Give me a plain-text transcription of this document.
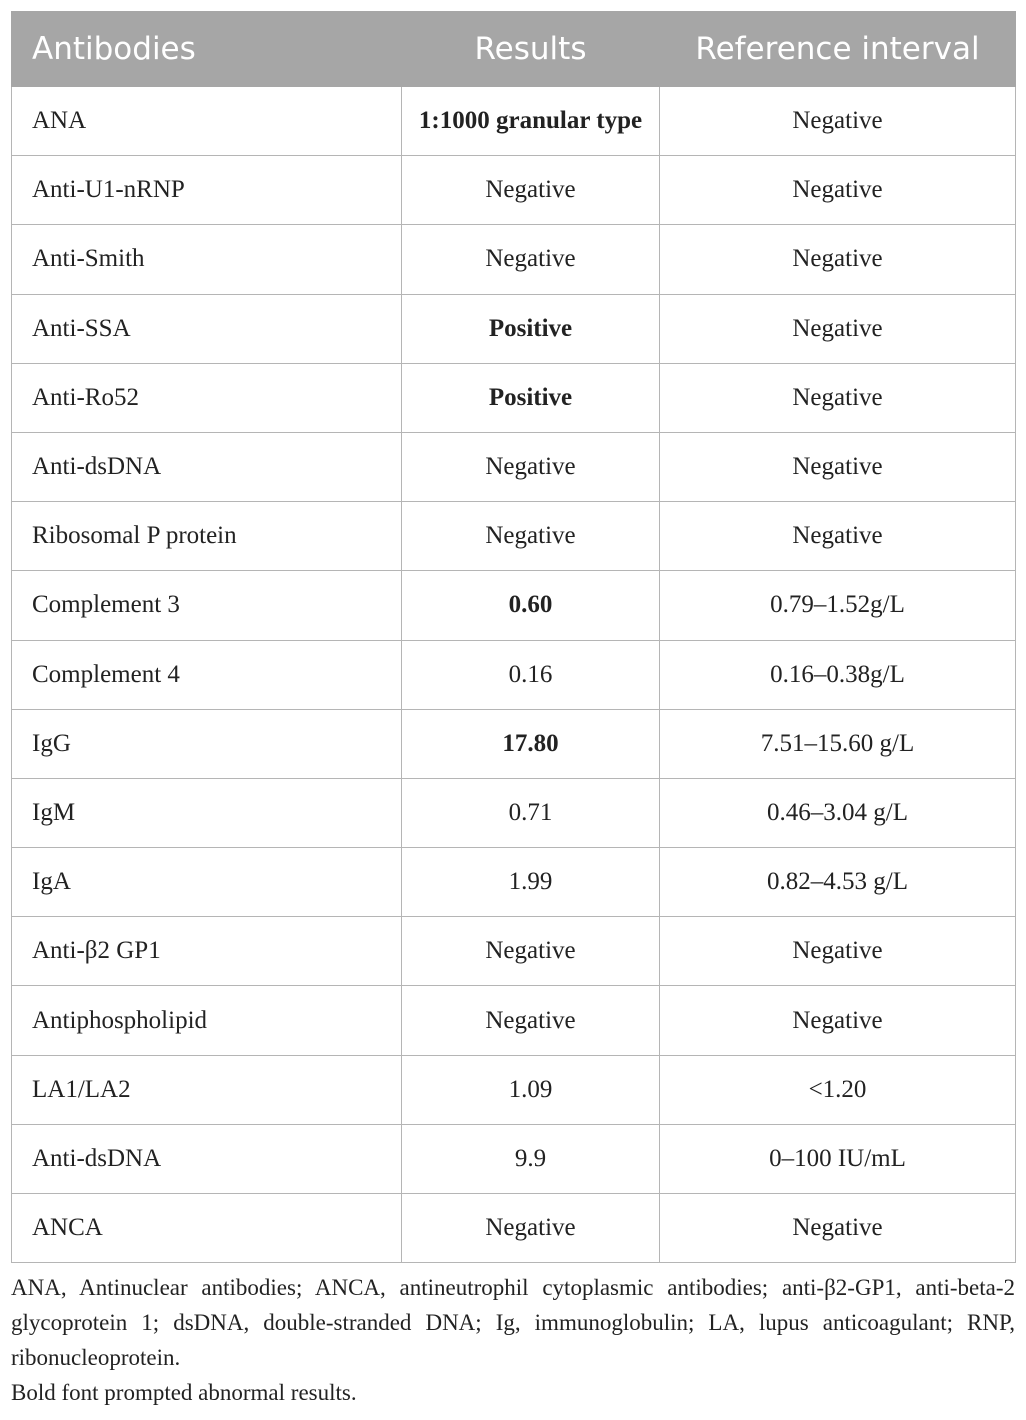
Antibodies	Results	Reference interval
ANA	1:1000 granular type	Negative
Anti-U1-nRNP	Negative	Negative
Anti-Smith	Negative	Negative
Anti-SSA	Positive	Negative
Anti-Ro52	Positive	Negative
Anti-dsDNA	Negative	Negative
Ribosomal P protein	Negative	Negative
Complement 3	0.60	0.79–1.52g/L
Complement 4	0.16	0.16–0.38g/L
IgG	17.80	7.51–15.60 g/L
IgM	0.71	0.46–3.04 g/L
IgA	1.99	0.82–4.53 g/L
Anti-β2 GP1	Negative	Negative
Antiphospholipid	Negative	Negative
LA1/LA2	1.09	<1.20
Anti-dsDNA	9.9	0–100 IU/mL
ANCA	Negative	Negative

ANA, Antinuclear antibodies; ANCA, antineutrophil cytoplasmic antibodies; anti-β2-GP1, anti-beta-2 glycoprotein 1; dsDNA, double-stranded DNA; Ig, immunoglobulin; LA, lupus anticoagulant; RNP, ribonucleoprotein.

Bold font prompted abnormal results.
